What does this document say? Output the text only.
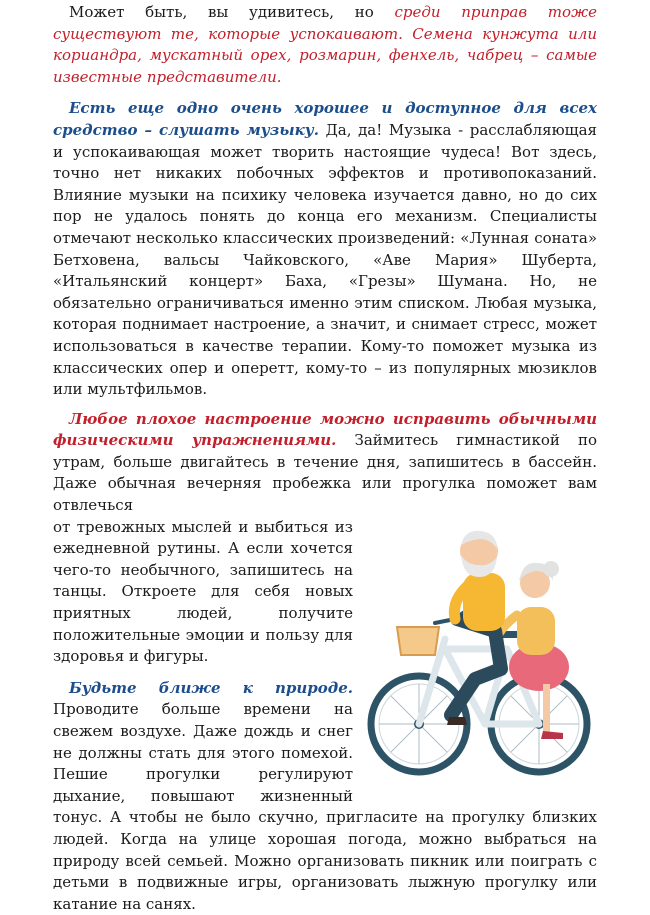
Может быть, вы удивитесь, но среди приправ тоже существуют те, которые успокаивают. Семена кунжута или кориандра, мускатный орех, розмарин, фенхель, чабрец – самые известные представители.

Есть еще одно очень хорошее и доступное для всех средство – слушать музыку. Да, да! Музыка - расслабляющая и успокаивающая может творить настоящие чудеса! Вот здесь, точно нет никаких побочных эффектов и противопоказаний. Влияние музыки на психику человека изучается давно, но до сих пор не удалось понять до конца его механизм. Специалисты отмечают несколько классических произведений: «Лунная соната» Бетховена, вальсы Чайковского, «Аве Мария» Шуберта, «Итальянский концерт» Баха, «Грезы» Шумана. Но, не обязательно ограничиваться именно этим списком. Любая музыка, которая поднимает настроение, а значит, и снимает стресс, может использоваться в качестве терапии. Кому-то поможет музыка из классических опер и оперетт, кому-то – из популярных мюзиклов или мультфильмов.

Любое плохое настроение можно исправить обычными физическими упражнениями. Займитесь гимнастикой по утрам, больше двигайтесь в течение дня, запишитесь в бассейн. Даже обычная вечерняя пробежка или прогулка поможет вам отвлечься

от тревожных мыслей и выбиться из ежедневной рутины. А если хочется чего-то необычного, запишитесь на танцы. Откроете для себя новых приятных людей, получите положительные эмоции и пользу для здоровья и фигуры.

Будьте ближе к природе. Проводите больше времени на свежем воздухе. Даже дождь и снег не должны стать для этого помехой. Пешие прогулки регулируют дыхание, повышают жизненный тонус. А чтобы не было скучно, пригласите на прогулку близких людей. Когда на улице хорошая погода, можно выбраться на природу всей семьей. Можно организовать пикник или поиграть с детьми в подвижные игры, организовать лыжную прогулку или катание на санях.
